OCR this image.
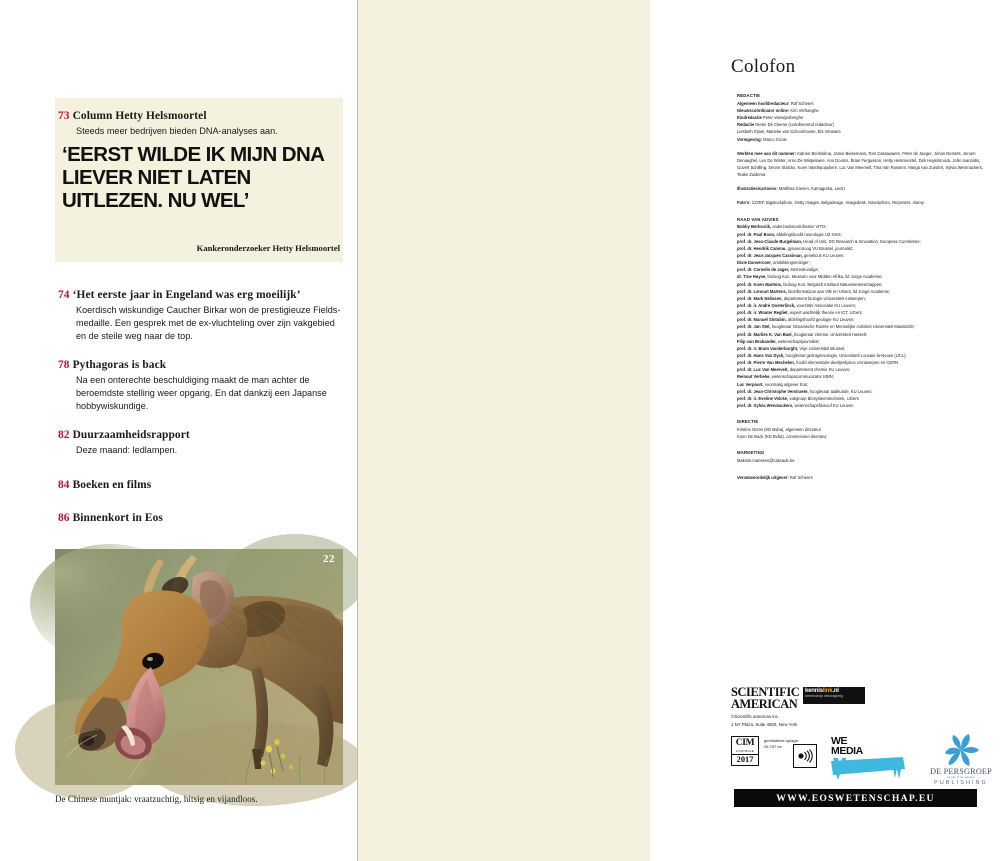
73 Column Hetty Helsmoortel
Steeds meer bedrijven bieden DNA-analyses aan.
‘EERST WILDE IK MIJN DNA LIEVER NIET LATEN UITLEZEN. NU WEL’
Kankeronderzoeker Hetty Helsmoortel
74 ‘Het eerste jaar in Engeland was erg moeilijk’
Koerdisch wiskundige Caucher Birkar won de prestigieuze Fields-medaille. Een gesprek met de ex-vluchteling over zijn vakgebied en de steile weg naar de top.
78 Pythagoras is back
Na een onterechte beschuldiging maakt de man achter de beroemdste stelling weer opgang. En dat dankzij een Japanse hobbywiskundige.
82 Duurzaamheidsrapport
Deze maand: ledlampen.
84 Boeken en films
86 Binnenkort in Eos
22
De Chinese muntjak: vraatzuchtig, hitsig en vijandloos.
Colofon
REDACTIE

Algemeen hoofdredacteur: Raf Scheers

Nieuwscoördinator online: Kim Verhaeghe

Eindredactie Peter Vanwijnsberghe

Redactie Dieter De Cleene (coördinerend redacteur)

Liesbeth Gijsel, Marieke van Schoonhoven, Els Verwaire

Vormgeving: Marco Gooie

Werkten mee aan dit nummer: Katrien Benhalima, Jamie Biesemans, Tom Cassauwers, Peter de Jaeger, Johan Demets, Jeroen Denaeghel, Leo De Winter, Arno De Wispelaere, Ann Dooms, Brian Fergusson, Hetty Helsmoortel, Dirk Huylebrouck, John Ioannidis, Govert Schilling, Senne Starckx, Koen Vandepopuliere, Luc Van Meervelt, Tina Van Rossem, Marga van Zundert, Sylvia Wenmackers, Teake Zuidema

Illustraties/cartoons: Matthias Giesen, Kamagurka, Lectrr

Foto's: 123RF, Bigstockphoto, Getty Images, Belgaimage, Imagedesk, IStockphoto, Reporters, Alamy

RAAD VAN ADVIES

Bobby Berlocnik, onderzoekscoördinator VITO;

prof. dr. Paul Boon, afdelingshoofd neurologie UZ Gent;

prof. dr. Jean-Claude Burgelman, Head of Unit, DG Research & Innovation, Europese Commissie;

prof. dr. Hendrik Cammu, gynaecoloog VU Brussel, journalist;

prof. dr. Jean-Jacques Cassiman, geneticus KU Leuven;

Dixie Dansercoer, ontdekkingsreiziger;

prof. dr. Cornelis de Jager, sterrenkundige;

dr. Tine Huyse, bioloog Kon. Museum voor Midden Afrika, lid Jonge Academie;

prof. dr. Koen Martens, bioloog Kon. Belgisch Instituut Natuurwetenschappen;

prof. dr. Lennart Martens, bioinformaticus aan VIB en UGent, lid Jonge Academie;

prof. dr. Mark Nelissen, departement biologie Universiteit Antwerpen;

prof. dr. ir. André Oosterlinck, voorzitter Associatie KU Leuven;

prof. dr. ir. Wouter Regliet, expert wachtelijk theorie en ICT, UGent

prof. dr. Manuel Sintubin, afdelingshoofd geologie KU Leuven;

prof. dr. Jan Stel, hoogleraar Oceanische Ruimte en Menselijke Activiteit Universiteit Maastricht;

prof. dr. Marlies K. Van Bael, hoogleraar chemie, Universiteit Hasselt;

Filip van Brabander, wetenschapsjournalist;

prof. dr. ir. Bram Vanderborght, Vrije Universiteit Brussel;

prof. dr. Hans Van Dyck, hoogleraar gedragsecologie, Universiteit Louvain-la-Neuve (UCL);

prof. dr. Pierre Van Mechelen, hoofd elementaire-deeltjesfysica UAntwerpen en CERN

prof. dr. Luc Van Meervelt, departement chemie KU Leuven;

Reinout Verbeke, wetenschapscommunicator KBIN;

Luc Verpoort, voormalig uitgever Eos;

prof. dr. Jean-Christophe Verstraete, hoogleraar taalkunde, KU Leuven;

prof. dr. ir. Eveline Volcke, vakgroep Biosysteemtechniek, UGent

prof. dr. Sylvia Wenmackers, wetenschapsfilosoof KU Leuven

DIRECTIE

Kristine Ooms (KD Bvba), algemeen directeur

Koen De Buck (KD Bvba), commercieel directeur

MARKETING

Maksim.marissen@cascade.be

Verantwoordelijk uitgever: Raf Scheers

SCIENTIFIC
AMERICAN
©Scientific american inc.
1 NY Plaza, Suite 4500, New York
kennislink.nl
wetenschap nieuwsgierig
CIM
CONTROLE
2017
gemiddelde oplage:
26,767 ex.	WE
MEDIA
DE PERSGROEP
be part of our passion
PUBLISHING
WWW.EOSWETENSCHAP.EU
